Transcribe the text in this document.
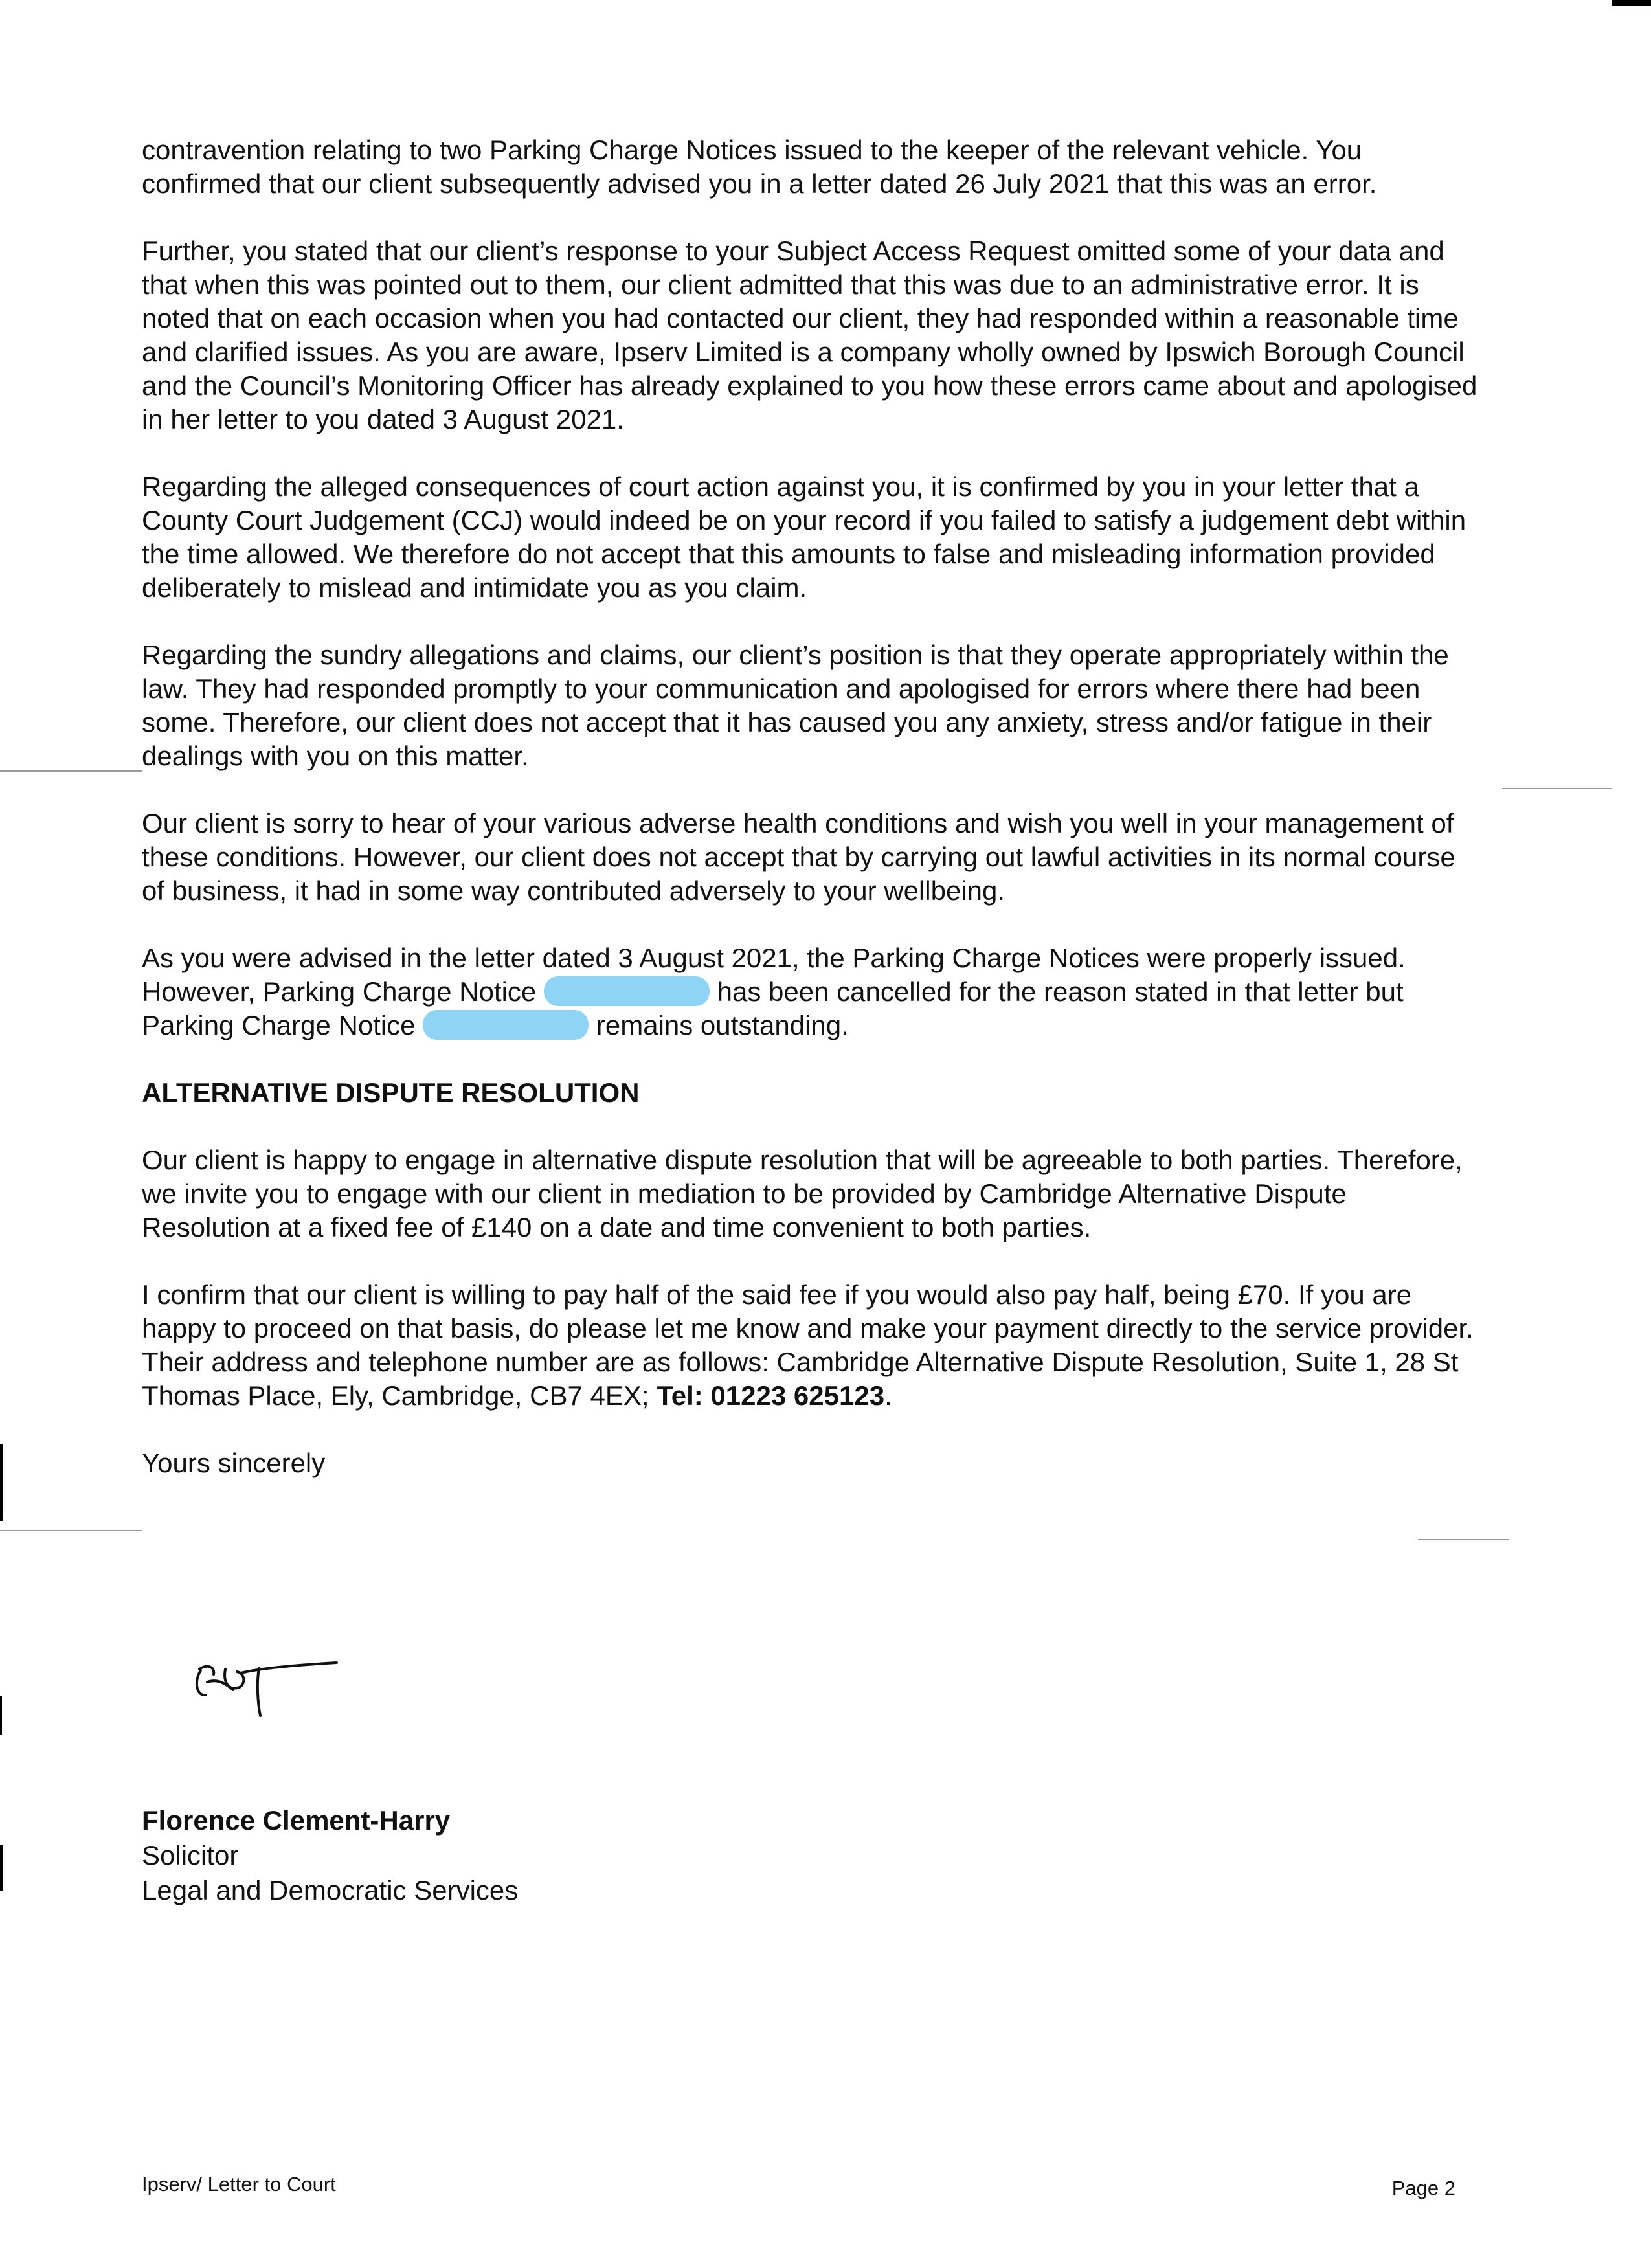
contravention relating to two Parking Charge Notices issued to the keeper of the relevant vehicle. You confirmed that our client subsequently advised you in a letter dated 26 July 2021 that this was an error.

Further, you stated that our client’s response to your Subject Access Request omitted some of your data and that when this was pointed out to them, our client admitted that this was due to an administrative error. It is noted that on each occasion when you had contacted our client, they had responded within a reasonable time and clarified issues. As you are aware, Ipserv Limited is a company wholly owned by Ipswich Borough Council and the Council’s Monitoring Officer has already explained to you how these errors came about and apologised in her letter to you dated 3 August 2021.

Regarding the alleged consequences of court action against you, it is confirmed by you in your letter that a County Court Judgement (CCJ) would indeed be on your record if you failed to satisfy a judgement debt within the time allowed. We therefore do not accept that this amounts to false and misleading information provided deliberately to mislead and intimidate you as you claim.

Regarding the sundry allegations and claims, our client’s position is that they operate appropriately within the law. They had responded promptly to your communication and apologised for errors where there had been some. Therefore, our client does not accept that it has caused you any anxiety, stress and/or fatigue in their dealings with you on this matter.

Our client is sorry to hear of your various adverse health conditions and wish you well in your management of these conditions. However, our client does not accept that by carrying out lawful activities in its normal course of business, it had in some way contributed adversely to your wellbeing.

As you were advised in the letter dated 3 August 2021, the Parking Charge Notices were properly issued. However, Parking Charge Notice	has been cancelled for the reason stated in that letter but Parking Charge Notice	remains outstanding.

ALTERNATIVE DISPUTE RESOLUTION

Our client is happy to engage in alternative dispute resolution that will be agreeable to both parties. Therefore, we invite you to engage with our client in mediation to be provided by Cambridge Alternative Dispute Resolution at a fixed fee of £140 on a date and time convenient to both parties.

I confirm that our client is willing to pay half of the said fee if you would also pay half, being £70. If you are happy to proceed on that basis, do please let me know and make your payment directly to the service provider. Their address and telephone number are as follows: Cambridge Alternative Dispute Resolution, Suite 1, 28 St Thomas Place, Ely, Cambridge, CB7 4EX; Tel: 01223 625123.

Yours sincerely

Florence Clement-Harry
Solicitor
Legal and Democratic Services
Ipserv/ Letter to Court	Page 2
